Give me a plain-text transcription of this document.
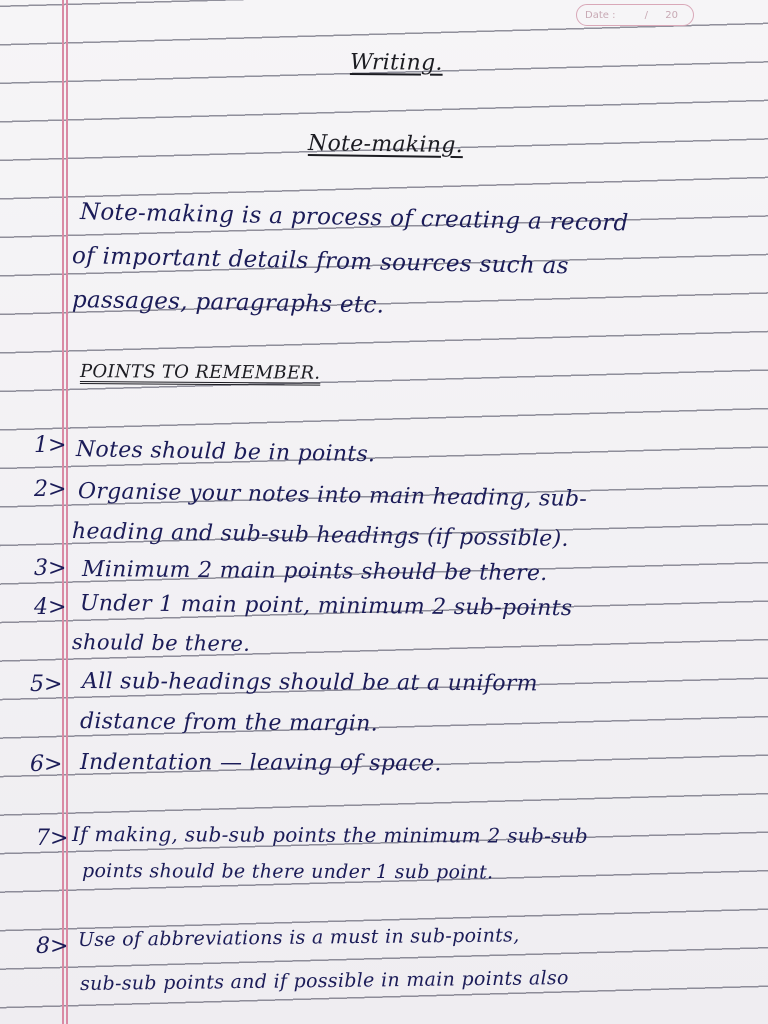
Date :	/ 20
Writing.
Note-making.
Note-making is a process of creating a record
of important details from sources such as
passages, paragraphs etc.
POINTS TO REMEMBER.
1> Notes should be in points.
2> Organise your notes into main heading, sub-
heading and sub-sub headings (if possible).
3> Minimum 2 main points should be there.
4> Under 1 main point, minimum 2 sub-points
should be there.
5> All sub-headings should be at a uniform
distance from the margin.
6> Indentation — leaving of space.
7> If making, sub-sub points the minimum 2 sub-sub
points should be there under 1 sub point.
8> Use of abbreviations is a must in sub-points,
sub-sub points and if possible in main points also
